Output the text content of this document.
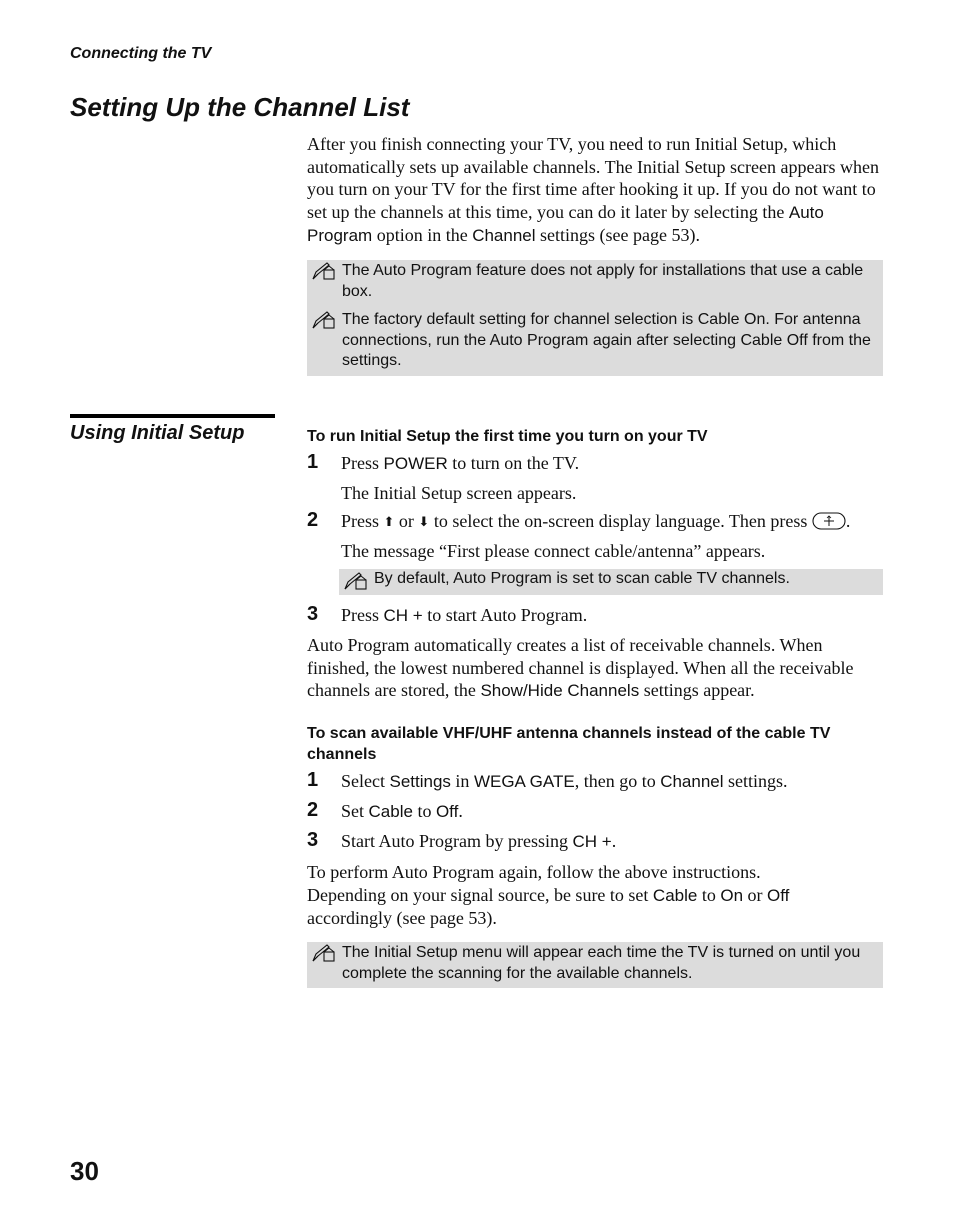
Connecting the TV
Setting Up the Channel List
After you finish connecting your TV, you need to run Initial Setup, which automatically sets up available channels. The Initial Setup screen appears when you turn on your TV for the first time after hooking it up. If you do not want to set up the channels at this time, you can do it later by selecting the Auto Program option in the Channel settings (see page 53).
The Auto Program feature does not apply for installations that use a cable box.
The factory default setting for channel selection is Cable On. For antenna connections, run the Auto Program again after selecting Cable Off from the settings.
Using Initial Setup	To run Initial Setup the first time you turn on your TV
1 Press POWER to turn on the TV.
The Initial Setup screen appears.
2 Press ⬆ or ⬇ to select the on-screen display language. Then press .
The message “First please connect cable/antenna” appears.
By default, Auto Program is set to scan cable TV channels.
3 Press CH + to start Auto Program.
Auto Program automatically creates a list of receivable channels. When finished, the lowest numbered channel is displayed. When all the receivable channels are stored, the Show/Hide Channels settings appear.
To scan available VHF/UHF antenna channels instead of the cable TV channels
1 Select Settings in WEGA GATE, then go to Channel settings.
2 Set Cable to Off.
3 Start Auto Program by pressing CH +.
To perform Auto Program again, follow the above instructions. Depending on your signal source, be sure to set Cable to On or Off accordingly (see page 53).
The Initial Setup menu will appear each time the TV is turned on until you complete the scanning for the available channels.
30
